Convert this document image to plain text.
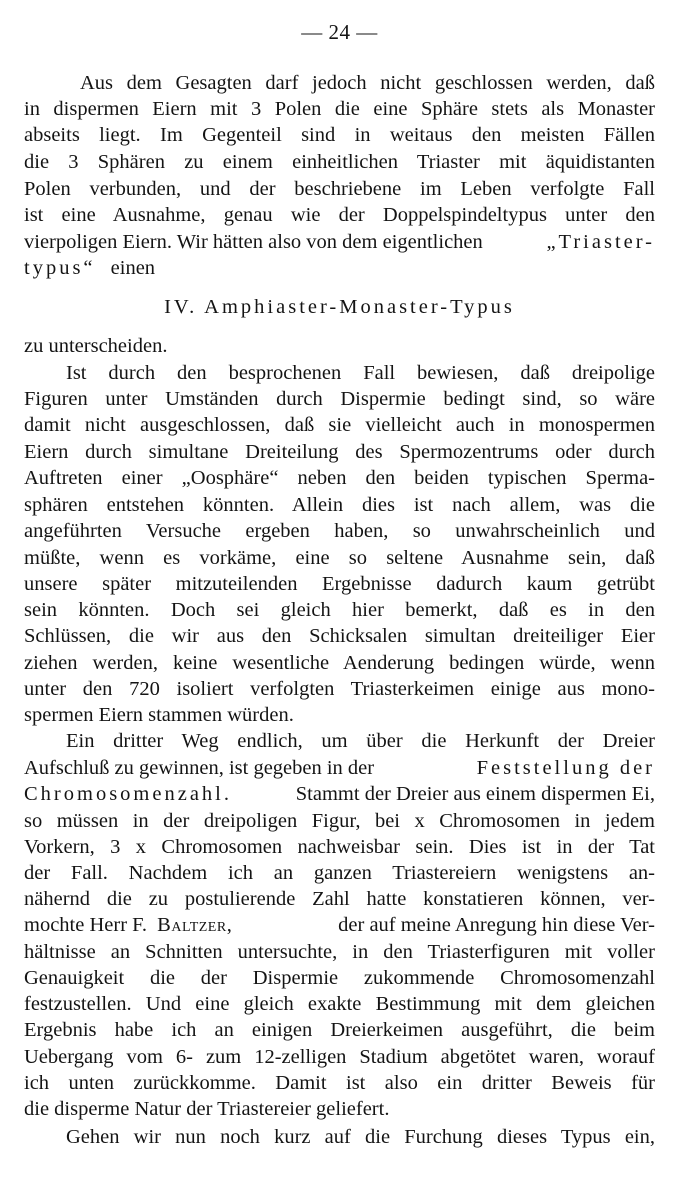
— 24 —
Aus dem Gesagten darf jedoch nicht geschlossen werden, daß
in dispermen Eiern mit 3 Polen die eine Sphäre stets als Monaster
abseits liegt. Im Gegenteil sind in weitaus den meisten Fällen
die 3 Sphären zu einem einheitlichen Triaster mit äquidistanten
Polen verbunden, und der beschriebene im Leben verfolgte Fall
ist eine Ausnahme, genau wie der Doppelspindeltypus unter den
vierpoligen Eiern. Wir hätten also von dem eigentlichen	„Triaster-
typus“ einen
IV. Amphiaster-Monaster-Typus
zu unterscheiden.
Ist durch den besprochenen Fall bewiesen, daß dreipolige
Figuren unter Umständen durch Dispermie bedingt sind, so wäre
damit nicht ausgeschlossen, daß sie vielleicht auch in monospermen
Eiern durch simultane Dreiteilung des Spermozentrums oder durch
Auftreten einer „Oosphäre“ neben den beiden typischen Sperma-
sphären entstehen könnten. Allein dies ist nach allem, was die
angeführten Versuche ergeben haben, so unwahrscheinlich und
müßte, wenn es vorkäme, eine so seltene Ausnahme sein, daß
unsere später mitzuteilenden Ergebnisse dadurch kaum getrübt
sein könnten. Doch sei gleich hier bemerkt, daß es in den
Schlüssen, die wir aus den Schicksalen simultan dreiteiliger Eier
ziehen werden, keine wesentliche Aenderung bedingen würde, wenn
unter den 720 isoliert verfolgten Triasterkeimen einige aus mono-
spermen Eiern stammen würden.
Ein dritter Weg endlich, um über die Herkunft der Dreier
Aufschluß zu gewinnen, ist gegeben in der	Feststellung der
Chromosomenzahl.	Stammt der Dreier aus einem dispermen Ei,
so müssen in der dreipoligen Figur, bei x Chromosomen in jedem
Vorkern, 3 x Chromosomen nachweisbar sein. Dies ist in der Tat
der Fall. Nachdem ich an ganzen Triastereiern wenigstens an-
nähernd die zu postulierende Zahl hatte konstatieren können, ver-
mochte Herr F. Baltzer,	der auf meine Anregung hin diese Ver-
hältnisse an Schnitten untersuchte, in den Triasterfiguren mit voller
Genauigkeit die der Dispermie zukommende Chromosomenzahl
festzustellen. Und eine gleich exakte Bestimmung mit dem gleichen
Ergebnis habe ich an einigen Dreierkeimen ausgeführt, die beim
Uebergang vom 6- zum 12-zelligen Stadium abgetötet waren, worauf
ich unten zurückkomme. Damit ist also ein dritter Beweis für
die disperme Natur der Triastereier geliefert.
Gehen wir nun noch kurz auf die Furchung dieses Typus ein,
